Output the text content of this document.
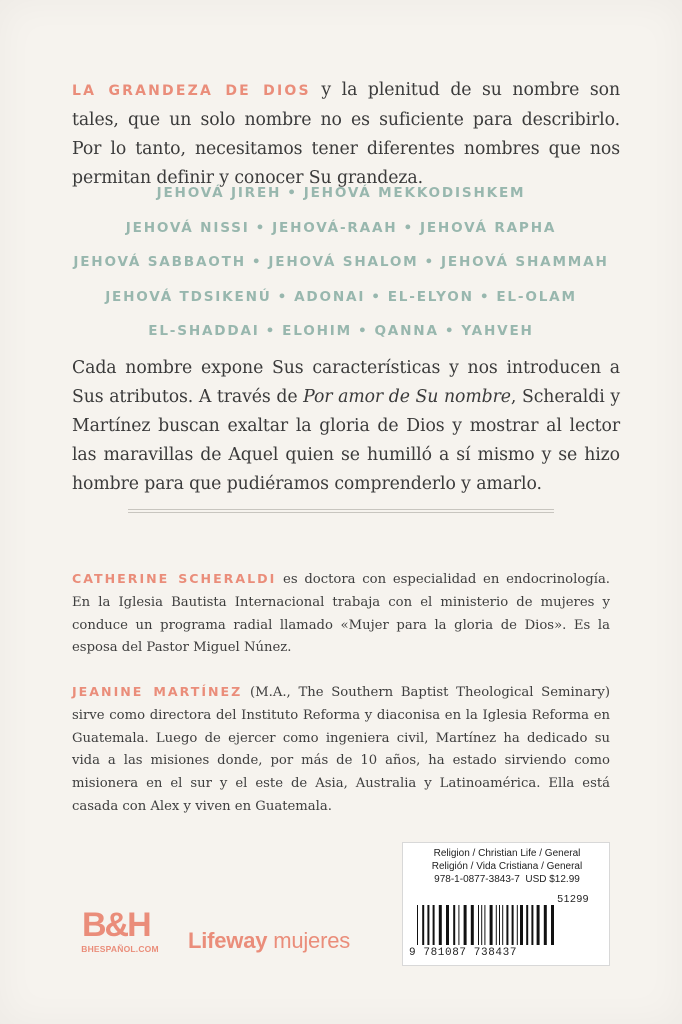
LA GRANDEZA DE DIOS y la plenitud de su nombre son tales, que un solo nombre no es suficiente para describirlo. Por lo tanto, necesitamos tener diferentes nombres que nos permitan definir y conocer Su grandeza.

JEHOVÁ JIREH • JEHOVÁ MEKKODISHKEM
JEHOVÁ NISSI • JEHOVÁ-RAAH • JEHOVÁ RAPHA
JEHOVÁ SABBAOTH • JEHOVÁ SHALOM • JEHOVÁ SHAMMAH
JEHOVÁ TDSIKENÚ • ADONAI • EL-ELYON • EL-OLAM
EL-SHADDAI • ELOHIM • QANNA • YAHVEH

Cada nombre expone Sus características y nos introducen a Sus atributos. A través de Por amor de Su nombre, Scheraldi y Martínez buscan exaltar la gloria de Dios y mostrar al lector las maravillas de Aquel quien se humilló a sí mismo y se hizo hombre para que pudiéramos comprenderlo y amarlo.

CATHERINE SCHERALDI es doctora con especialidad en endocrinología. En la Iglesia Bautista Internacional trabaja con el ministerio de mujeres y conduce un programa radial llamado «Mujer para la gloria de Dios». Es la esposa del Pastor Miguel Núnez.

JEANINE MARTÍNEZ (M.A., The Southern Baptist Theological Seminary) sirve como directora del Instituto Reforma y diaconisa en la Iglesia Reforma en Guatemala. Luego de ejercer como ingeniera civil, Martínez ha dedicado su vida a las misiones donde, por más de 10 años, ha estado sirviendo como misionera en el sur y el este de Asia, Australia y Latinoamérica. Ella está casada con Alex y viven en Guatemala.

B&H
BHESPAÑOL.COM Lifeway mujeres
Religion / Christian Life / General
Religión / Vida Cristiana / General
978-1-0877-3843-7 USD $12.99
51299
9 781087 738437
